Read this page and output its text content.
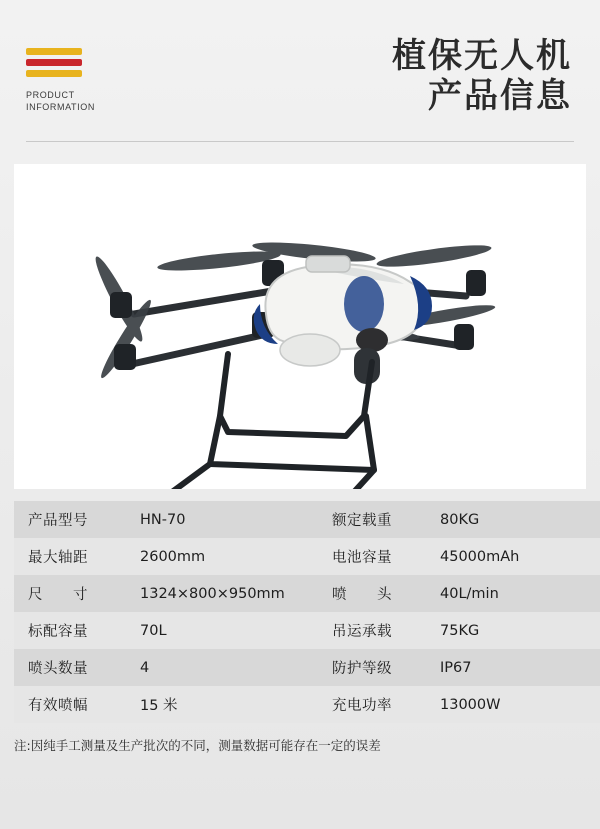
PRODUCT
INFORMATION
植保无人机
产品信息
产品型号	HN-70	额定载重	80KG
最大轴距	2600mm	电池容量	45000mAh
尺　　寸	1324×800×950mm	喷　　头	40L/min
标配容量	70L	吊运承载	75KG
喷头数量	4	防护等级	IP67
有效喷幅	15 米	充电功率	13000W
注:因纯手工测量及生产批次的不同，测量数据可能存在一定的误差
